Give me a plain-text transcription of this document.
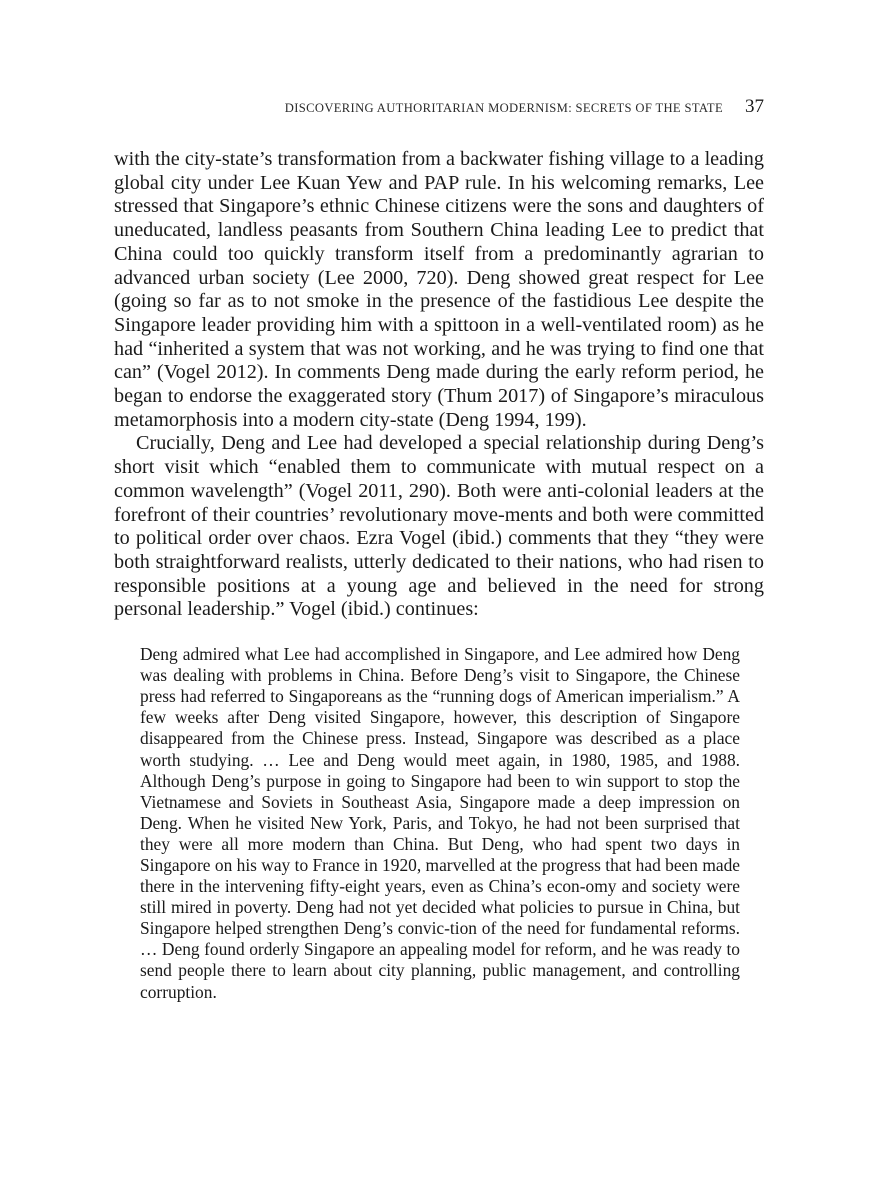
DISCOVERING AUTHORITARIAN MODERNISM: SECRETS OF THE STATE 37

with the city-state’s transformation from a backwater fishing village to a leading global city under Lee Kuan Yew and PAP rule. In his welcoming remarks, Lee stressed that Singapore’s ethnic Chinese citizens were the sons and daughters of uneducated, landless peasants from Southern China leading Lee to predict that China could too quickly transform itself from a predominantly agrarian to advanced urban society (Lee 2000, 720). Deng showed great respect for Lee (going so far as to not smoke in the presence of the fastidious Lee despite the Singapore leader providing him with a spittoon in a well-ventilated room) as he had “inherited a system that was not working, and he was trying to find one that can” (Vogel 2012). In comments Deng made during the early reform period, he began to endorse the exaggerated story (Thum 2017) of Singapore’s miraculous metamorphosis into a modern city-state (Deng 1994, 199).

Crucially, Deng and Lee had developed a special relationship during Deng’s short visit which “enabled them to communicate with mutual respect on a common wavelength” (Vogel 2011, 290). Both were anti-colonial leaders at the forefront of their countries’ revolutionary move-ments and both were committed to political order over chaos. Ezra Vogel (ibid.) comments that they “they were both straightforward realists, utterly dedicated to their nations, who had risen to responsible positions at a young age and believed in the need for strong personal leadership.” Vogel (ibid.) continues:

Deng admired what Lee had accomplished in Singapore, and Lee admired how Deng was dealing with problems in China. Before Deng’s visit to Singapore, the Chinese press had referred to Singaporeans as the “running dogs of American imperialism.” A few weeks after Deng visited Singapore, however, this description of Singapore disappeared from the Chinese press. Instead, Singapore was described as a place worth studying. … Lee and Deng would meet again, in 1980, 1985, and 1988. Although Deng’s purpose in going to Singapore had been to win support to stop the Vietnamese and Soviets in Southeast Asia, Singapore made a deep impression on Deng. When he visited New York, Paris, and Tokyo, he had not been surprised that they were all more modern than China. But Deng, who had spent two days in Singapore on his way to France in 1920, marvelled at the progress that had been made there in the intervening fifty-eight years, even as China’s econ-omy and society were still mired in poverty. Deng had not yet decided what policies to pursue in China, but Singapore helped strengthen Deng’s convic-tion of the need for fundamental reforms. … Deng found orderly Singapore an appealing model for reform, and he was ready to send people there to learn about city planning, public management, and controlling corruption.
